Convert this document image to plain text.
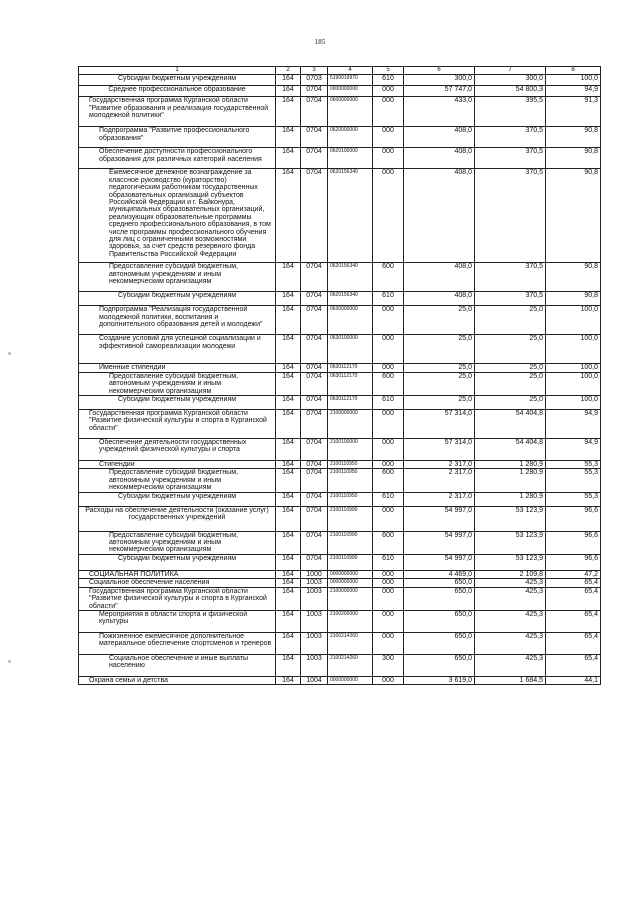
185
1	2	3	4	5	6	7	8
Субсидии бюджетным учреждениям	164	0703	5190019970	610	300,0	300,0	100,0
Среднее профессиональное образование	164	0704	0000000000	000	57 747,0	54 800,3	94,9
Государственная программа Курганской области "Развитие образования и реализация государственной молодежной политики"	164	0704	0600000000	000	433,0	395,5	91,3
Подпрограмма "Развитие профессионального образования"	164	0704	0620000000	000	408,0	370,5	90,8
Обеспечение доступности профессионального образования для различных категорий населения	164	0704	0620100000	000	408,0	370,5	90,8
Ежемесячное денежное вознаграждение за классное руководство (кураторство) педагогическим работникам государственных образовательных организаций субъектов Российской Федерации и г. Байконура, муниципальных образовательных организаций, реализующих образовательные программы среднего профессионального образования, в том числе программы профессионального обучения для лиц с ограниченными возможностями здоровья, за счет средств резервного фонда Правительства Российской Федерации	164	0704	0620156340	000	408,0	370,5	90,8
Предоставление субсидий бюджетным, автономным учреждениям и иным некоммерческим организациям	164	0704	0620156340	600	408,0	370,5	90,8
Субсидии бюджетным учреждениям	164	0704	0620156340	610	408,0	370,5	90,8
Подпрограмма "Реализация государственной молодежной политики, воспитания и дополнительного образования детей и молодежи"	164	0704	0630000000	000	25,0	25,0	100,0
Создание условий для успешной социализации и эффективной самореализации молодежи	164	0704	0630100000	000	25,0	25,0	100,0
Именные стипендии	164	0704	0630112170	000	25,0	25,0	100,0
Предоставление субсидий бюджетным, автономным учреждениям и иным некоммерческим организациям	164	0704	0630112170	600	25,0	25,0	100,0
Субсидии бюджетным учреждениям	164	0704	0630112170	610	25,0	25,0	100,0
Государственная программа Курганской области "Развитие физической культуры и спорта в Курганской области"	164	0704	2100000000	000	57 314,0	54 404,8	94,9
Обеспечение деятельности государственных учреждений физической культуры и спорта	164	0704	2100100000	000	57 314,0	54 404,8	94,9
Стипендии	164	0704	2100110950	000	2 317,0	1 280,9	55,3
Предоставление субсидий бюджетным, автономным учреждениям и иным некоммерческим организациям	164	0704	2100110950	600	2 317,0	1 280,9	55,3
Субсидии бюджетным учреждениям	164	0704	2100110950	610	2 317,0	1 280,9	55,3
Расходы на обеспечение деятельности (оказание услуг) государственных учреждений	164	0704	2100110990	000	54 997,0	53 123,9	96,6
Предоставление субсидий бюджетным, автономным учреждениям и иным некоммерческим организациям	164	0704	2100110990	600	54 997,0	53 123,9	96,6
Субсидии бюджетным учреждениям	164	0704	2100110990	610	54 997,0	53 123,9	96,6
СОЦИАЛЬНАЯ ПОЛИТИКА	164	1000	0000000000	000	4 469,0	2 109,8	47,2
Социальное обеспечение населения	164	1003	0000000000	000	650,0	425,3	65,4
Государственная программа Курганской области "Развитие физической культуры и спорта в Курганской области"	164	1003	2100000000	000	650,0	425,3	65,4
Мероприятия в области спорта и физической культуры	164	1003	2100200000	000	650,0	425,3	65,4
Пожизненное ежемесячное дополнительное материальное обеспечение спортсменов и тренеров	164	1003	2100214260	000	650,0	425,3	65,4
Социальное обеспечение и иные выплаты населению	164	1003	2100214260	300	650,0	425,3	65,4
Охрана семьи и детства	164	1004	0000000000	000	3 619,0	1 684,5	44,1
